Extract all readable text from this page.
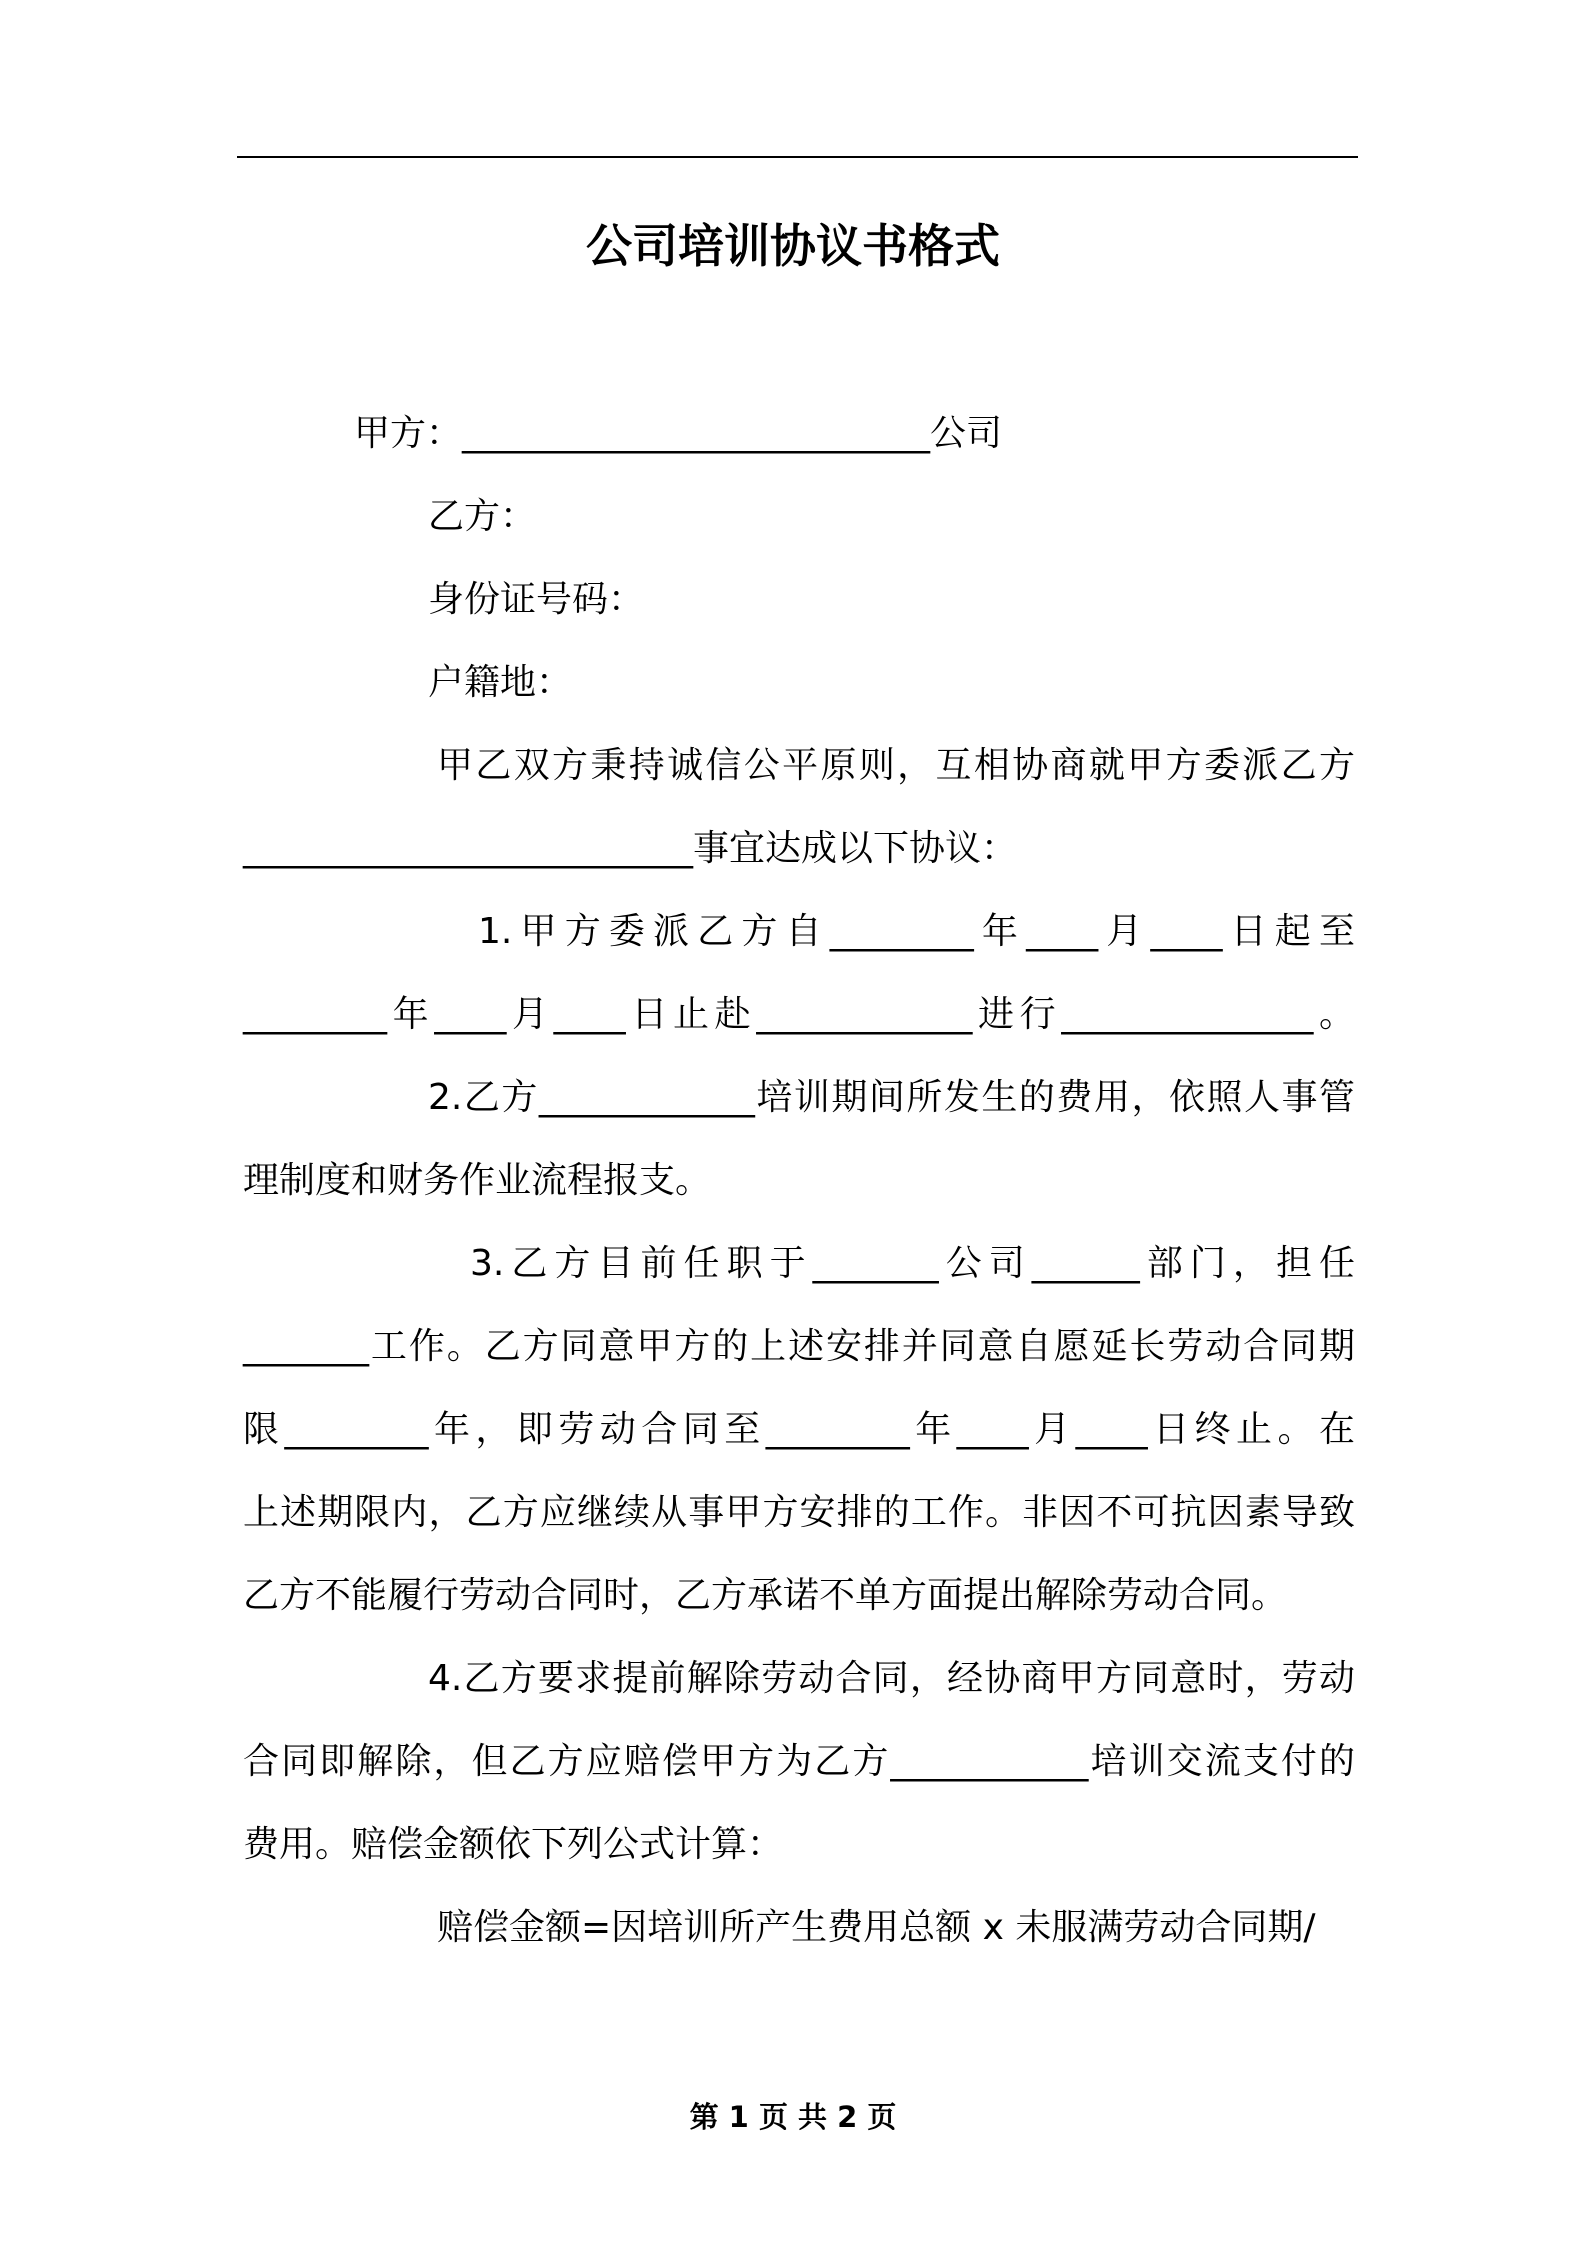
公司培训协议书格式
甲方：__________________________公司
乙方：
身份证号码：
户籍地：
甲乙双方秉持诚信公平原则，互相协商就甲方委派乙方
_________________________事宜达成以下协议：
1.甲方委派乙方自________年____月____日起至
________年____月____日止赴____________进行______________。
2.乙方____________培训期间所发生的费用，依照人事管
理制度和财务作业流程报支。
3.乙方目前任职于_______公司______部门，担任
_______工作。乙方同意甲方的上述安排并同意自愿延长劳动合同期
限________年，即劳动合同至________年____月____日终止。在
上述期限内，乙方应继续从事甲方安排的工作。非因不可抗因素导致
乙方不能履行劳动合同时，乙方承诺不单方面提出解除劳动合同。
4.乙方要求提前解除劳动合同，经协商甲方同意时，劳动
合同即解除，但乙方应赔偿甲方为乙方___________培训交流支付的
费用。赔偿金额依下列公式计算：
赔偿金额=因培训所产生费用总额 x 未服满劳动合同期/
第 1 页 共 2 页
